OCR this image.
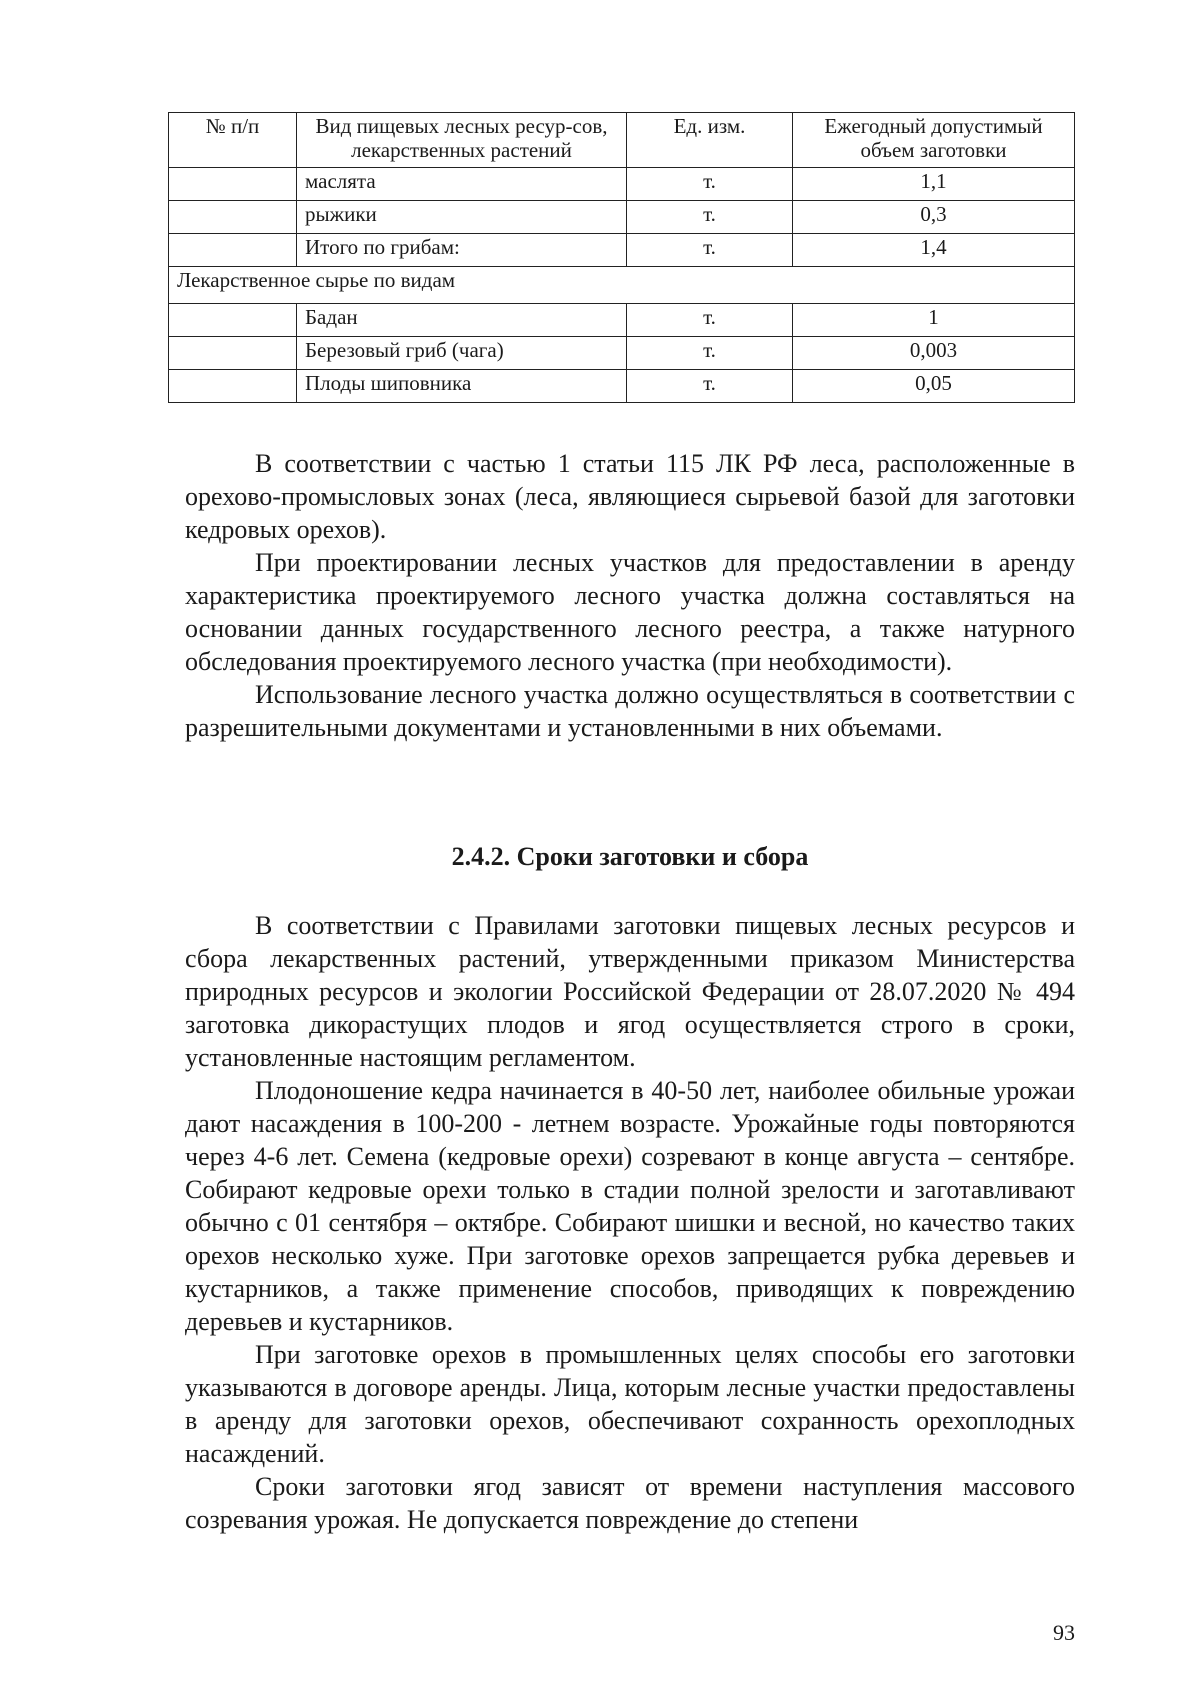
№ п/п	Вид пищевых лесных ресур-сов, лекарственных растений	Ед. изм.	Ежегодный допустимый объем заготовки
	маслята	т.	1,1
	рыжики	т.	0,3
	Итого по грибам:	т.	1,4
Лекарственное сырье по видам			
	Бадан	т.	1
	Березовый гриб (чага)	т.	0,003
	Плоды шиповника	т.	0,05

В соответствии с частью 1 статьи 115 ЛК РФ леса, расположенные в орехово-промысловых зонах (леса, являющиеся сырьевой базой для заготовки кедровых орехов).

При проектировании лесных участков для предоставлении в аренду характеристика проектируемого лесного участка должна составляться на основании данных государственного лесного реестра, а также натурного обследования проектируемого лесного участка (при необходимости).

Использование лесного участка должно осуществляться в соответствии с разрешительными документами и установленными в них объемами.

2.4.2. Сроки заготовки и сбора

В соответствии с Правилами заготовки пищевых лесных ресурсов и сбора лекарственных растений, утвержденными приказом Министерства природных ресурсов и экологии Российской Федерации от 28.07.2020 № 494 заготовка дикорастущих плодов и ягод осуществляется строго в сроки, установленные настоящим регламентом.

Плодоношение кедра начинается в 40-50 лет, наиболее обильные урожаи дают насаждения в 100-200 - летнем возрасте. Урожайные годы повторяются через 4-6 лет. Семена (кедровые орехи) созревают в конце августа – сентябре. Собирают кедровые орехи только в стадии полной зрелости и заготавливают обычно с 01 сентября – октябре. Собирают шишки и весной, но качество таких орехов несколько хуже. При заготовке орехов запрещается рубка деревьев и кустарников, а также применение способов, приводящих к повреждению деревьев и кустарников.

При заготовке орехов в промышленных целях способы его заготовки указываются в договоре аренды. Лица, которым лесные участки предоставлены в аренду для заготовки орехов, обеспечивают сохранность орехоплодных насаждений.

Сроки заготовки ягод зависят от времени наступления массового созревания урожая. Не допускается повреждение до степени

93
